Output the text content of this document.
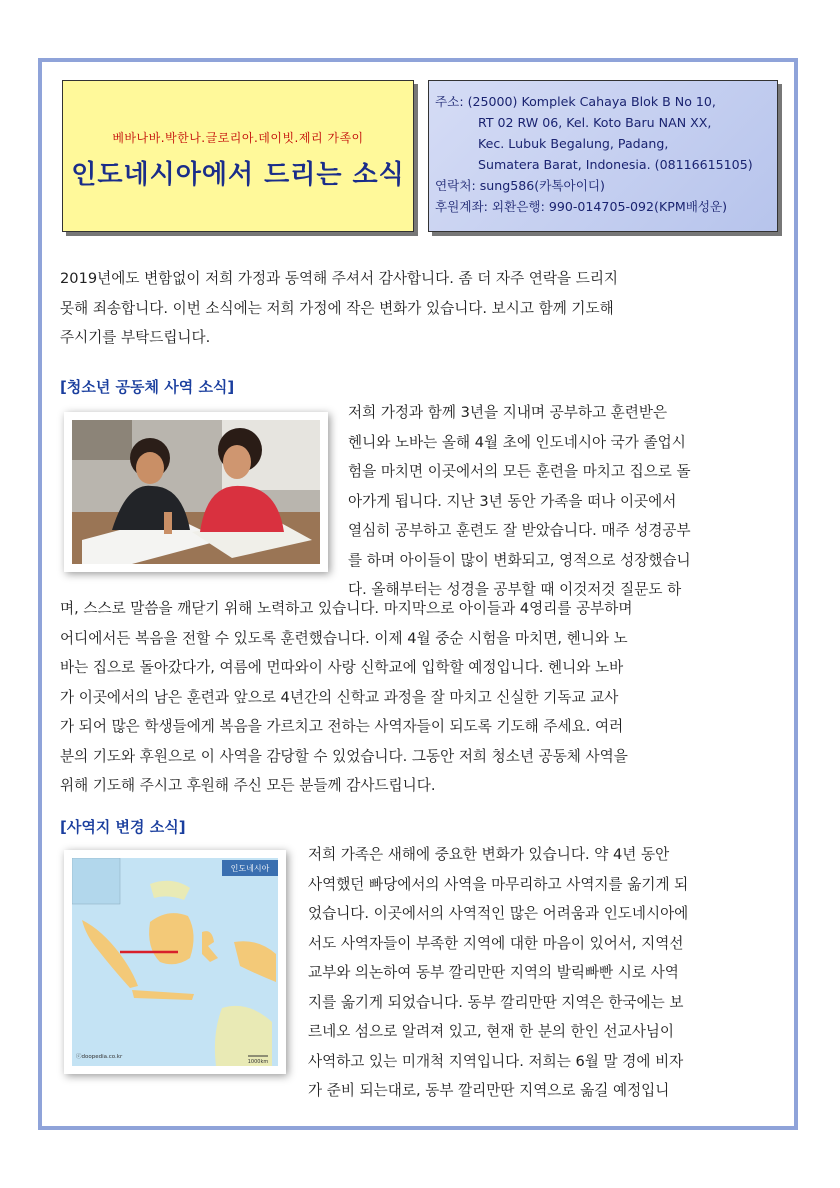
베바나바.박한나.글로리아.데이빗.제리 가족이
인도네시아에서 드리는 소식
주소: (25000) Komplek Cahaya Blok B No 10,
RT 02 RW 06, Kel. Koto Baru NAN XX,
Kec. Lubuk Begalung, Padang,
Sumatera Barat, Indonesia. (08116615105)
연락처: sung586(카톡아이디)
후원계좌: 외환은행: 990-014705-092(KPM배성운)
2019년에도 변함없이 저희 가정과 동역해 주셔서 감사합니다. 좀 더 자주 연락을 드리지
못해 죄송합니다. 이번 소식에는 저희 가정에 작은 변화가 있습니다. 보시고 함께 기도해
주시기를 부탁드립니다.
[청소년 공동체 사역 소식]
저희 가정과 함께 3년을 지내며 공부하고 훈련받은
헨니와 노바는 올해 4월 초에 인도네시아 국가 졸업시
험을 마치면 이곳에서의 모든 훈련을 마치고 집으로 돌
아가게 됩니다. 지난 3년 동안 가족을 떠나 이곳에서
열심히 공부하고 훈련도 잘 받았습니다. 매주 성경공부
를 하며 아이들이 많이 변화되고, 영적으로 성장했습니
다. 올해부터는 성경을 공부할 때 이것저것 질문도 하
며, 스스로 말씀을 깨닫기 위해 노력하고 있습니다. 마지막으로 아이들과 4영리를 공부하며
어디에서든 복음을 전할 수 있도록 훈련했습니다. 이제 4월 중순 시험을 마치면, 헨니와 노
바는 집으로 돌아갔다가, 여름에 먼따와이 사랑 신학교에 입학할 예정입니다. 헨니와 노바
가 이곳에서의 남은 훈련과 앞으로 4년간의 신학교 과정을 잘 마치고 신실한 기독교 교사
가 되어 많은 학생들에게 복음을 가르치고 전하는 사역자들이 되도록 기도해 주세요. 여러
분의 기도와 후원으로 이 사역을 감당할 수 있었습니다. 그동안 저희 청소년 공동체 사역을
위해 기도해 주시고 후원해 주신 모든 분들께 감사드립니다.
[사역지 변경 소식]
인도네시아
ⓒdoopedia.co.kr
1000km
저희 가족은 새해에 중요한 변화가 있습니다. 약 4년 동안
사역했던 빠당에서의 사역을 마무리하고 사역지를 옮기게 되
었습니다. 이곳에서의 사역적인 많은 어려움과 인도네시아에
서도 사역자들이 부족한 지역에 대한 마음이 있어서, 지역선
교부와 의논하여 동부 깔리만딴 지역의 발릭빠빤 시로 사역
지를 옮기게 되었습니다. 동부 깔리만딴 지역은 한국에는 보
르네오 섬으로 알려져 있고, 현재 한 분의 한인 선교사님이
사역하고 있는 미개척 지역입니다. 저희는 6월 말 경에 비자
가 준비 되는대로, 동부 깔리만딴 지역으로 옮길 예정입니
